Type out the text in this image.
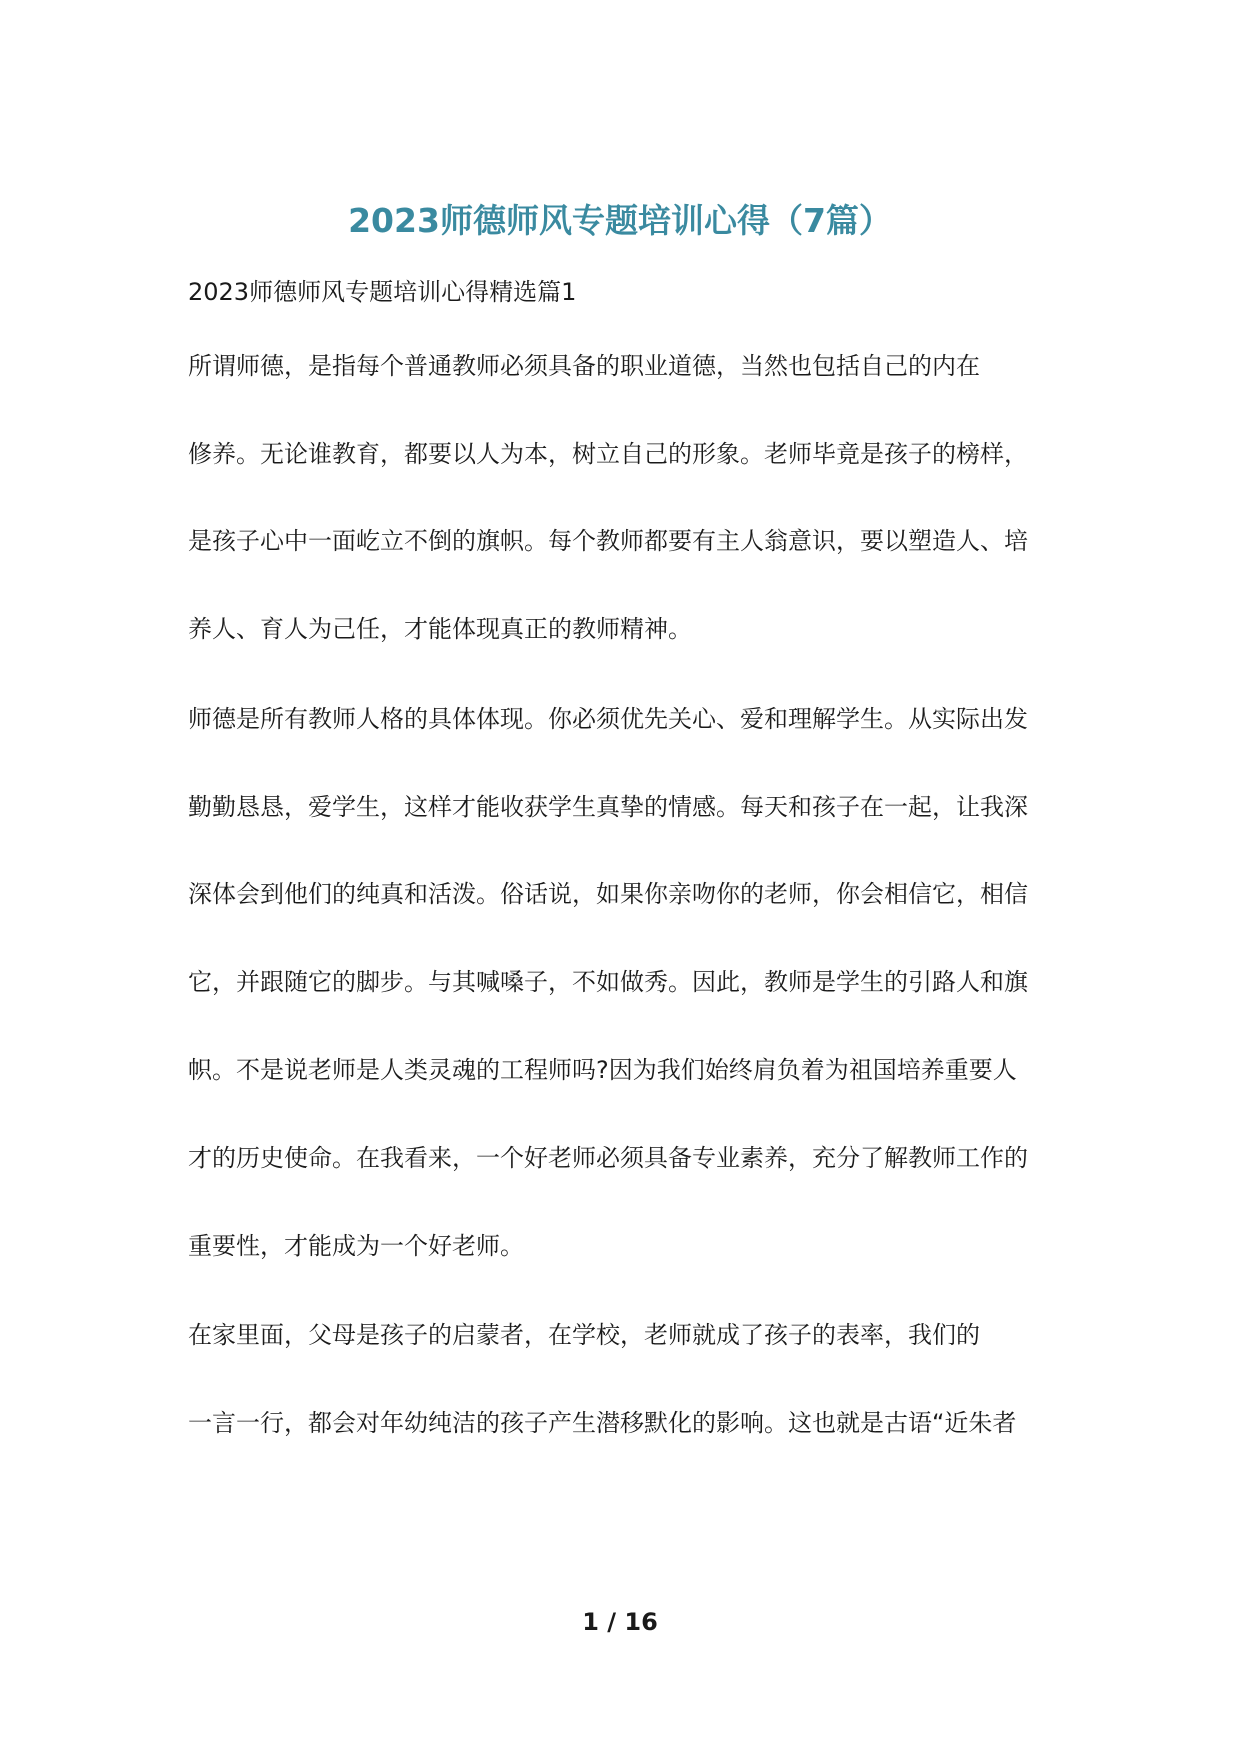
2023师德师风专题培训心得（7篇）
2023师德师风专题培训心得精选篇1

所谓师德，是指每个普通教师必须具备的职业道德，当然也包括自己的内在

修养。无论谁教育，都要以人为本，树立自己的形象。老师毕竟是孩子的榜样，

是孩子心中一面屹立不倒的旗帜。每个教师都要有主人翁意识，要以塑造人、培

养人、育人为己任，才能体现真正的教师精神。

师德是所有教师人格的具体体现。你必须优先关心、爱和理解学生。从实际出发

勤勤恳恳，爱学生，这样才能收获学生真挚的情感。每天和孩子在一起，让我深

深体会到他们的纯真和活泼。俗话说，如果你亲吻你的老师，你会相信它，相信

它，并跟随它的脚步。与其喊嗓子，不如做秀。因此，教师是学生的引路人和旗

帜。不是说老师是人类灵魂的工程师吗?因为我们始终肩负着为祖国培养重要人

才的历史使命。在我看来，一个好老师必须具备专业素养，充分了解教师工作的

重要性，才能成为一个好老师。

在家里面，父母是孩子的启蒙者，在学校，老师就成了孩子的表率，我们的

一言一行，都会对年幼纯洁的孩子产生潜移默化的影响。这也就是古语“近朱者

1 / 16
